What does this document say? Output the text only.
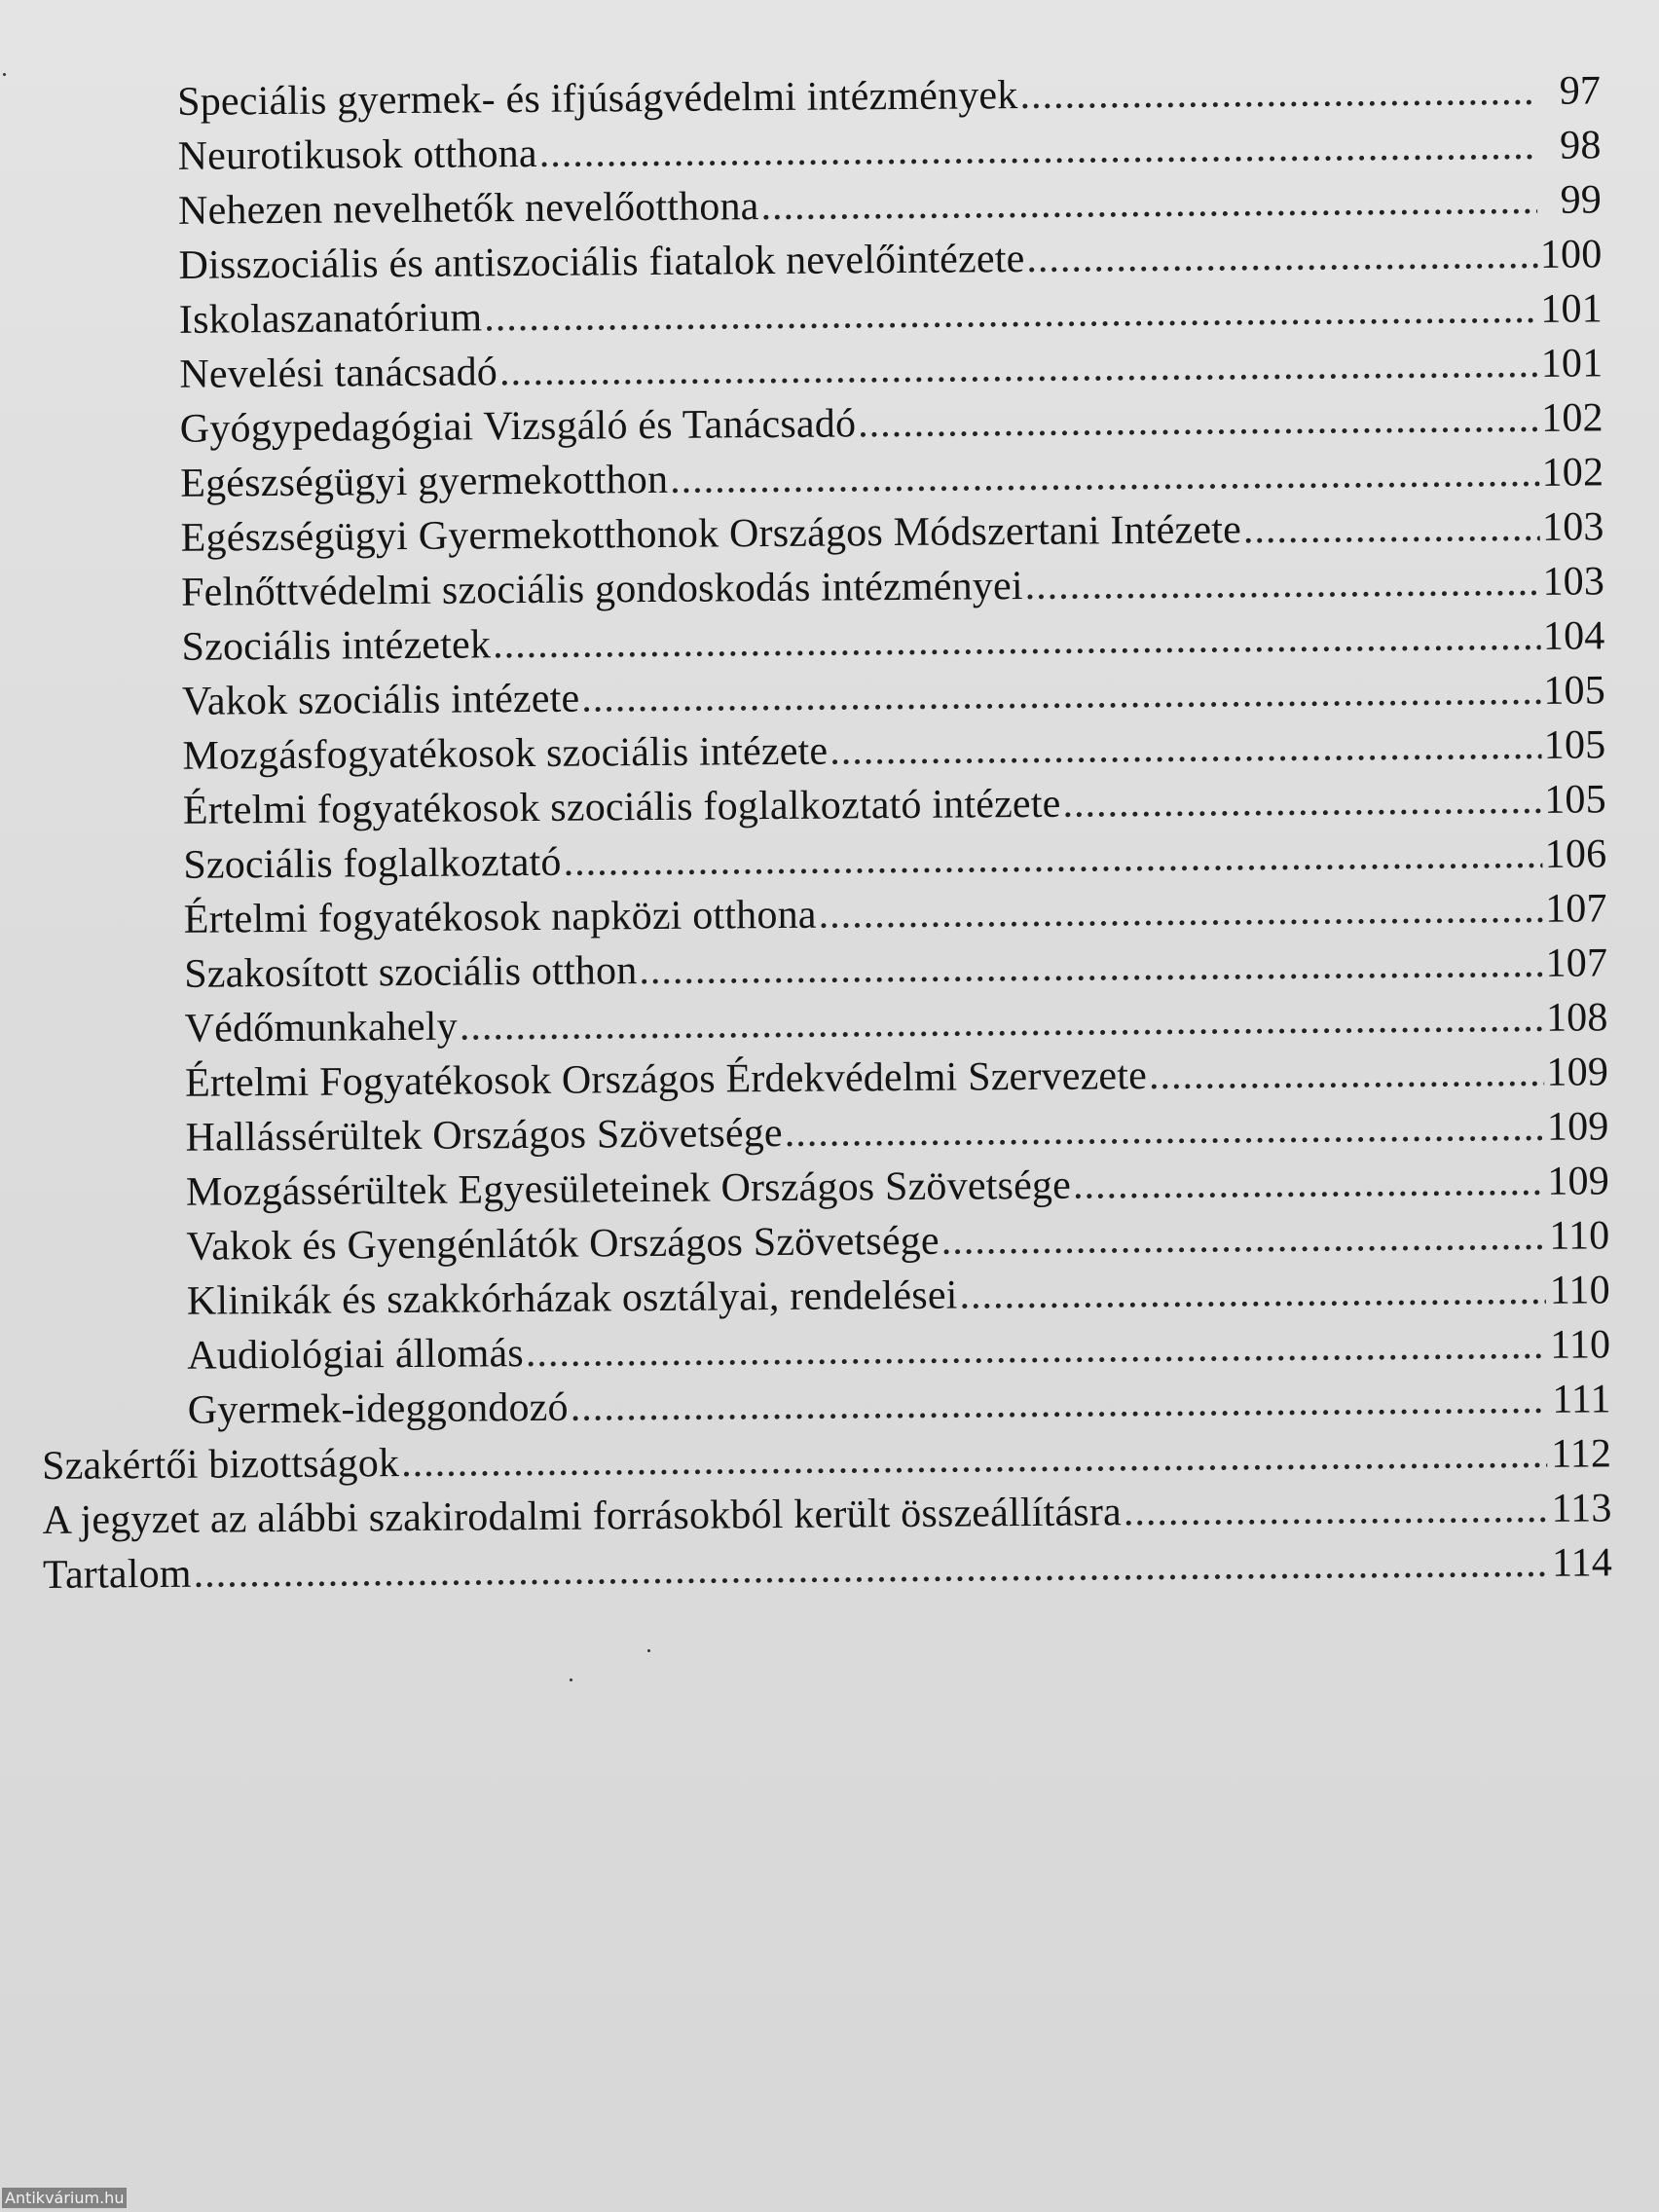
Speciális gyermek- és ifjúságvédelmi intézmények .....	97
Neurotikusok otthona .....	98
Nehezen nevelhetők nevelőotthona .....	99
Disszociális és antiszociális fiatalok nevelőintézete .....	100
Iskolaszanatórium .....	101
Nevelési tanácsadó .....	101
Gyógypedagógiai Vizsgáló és Tanácsadó .....	102
Egészségügyi gyermekotthon .....	102
Egészségügyi Gyermekotthonok Országos Módszertani Intézete .....	103
Felnőttvédelmi szociális gondoskodás intézményei .....	103
Szociális intézetek .....	104
Vakok szociális intézete .....	105
Mozgásfogyatékosok szociális intézete .....	105
Értelmi fogyatékosok szociális foglalkoztató intézete .....	105
Szociális foglalkoztató .....	106
Értelmi fogyatékosok napközi otthona .....	107
Szakosított szociális otthon .....	107
Védőmunkahely .....	108
Értelmi Fogyatékosok Országos Érdekvédelmi Szervezete .....	109
Hallássérültek Országos Szövetsége .....	109
Mozgássérültek Egyesületeinek Országos Szövetsége .....	109
Vakok és Gyengénlátók Országos Szövetsége .....	110
Klinikák és szakkórházak osztályai, rendelései .....	110
Audiológiai állomás .....	110
Gyermek-ideggondozó .....	111
Szakértői bizottságok .....	112
A jegyzet az alábbi szakirodalmi forrásokból került összeállításra .....	113
Tartalom .....	114
Antikvárium.hu
